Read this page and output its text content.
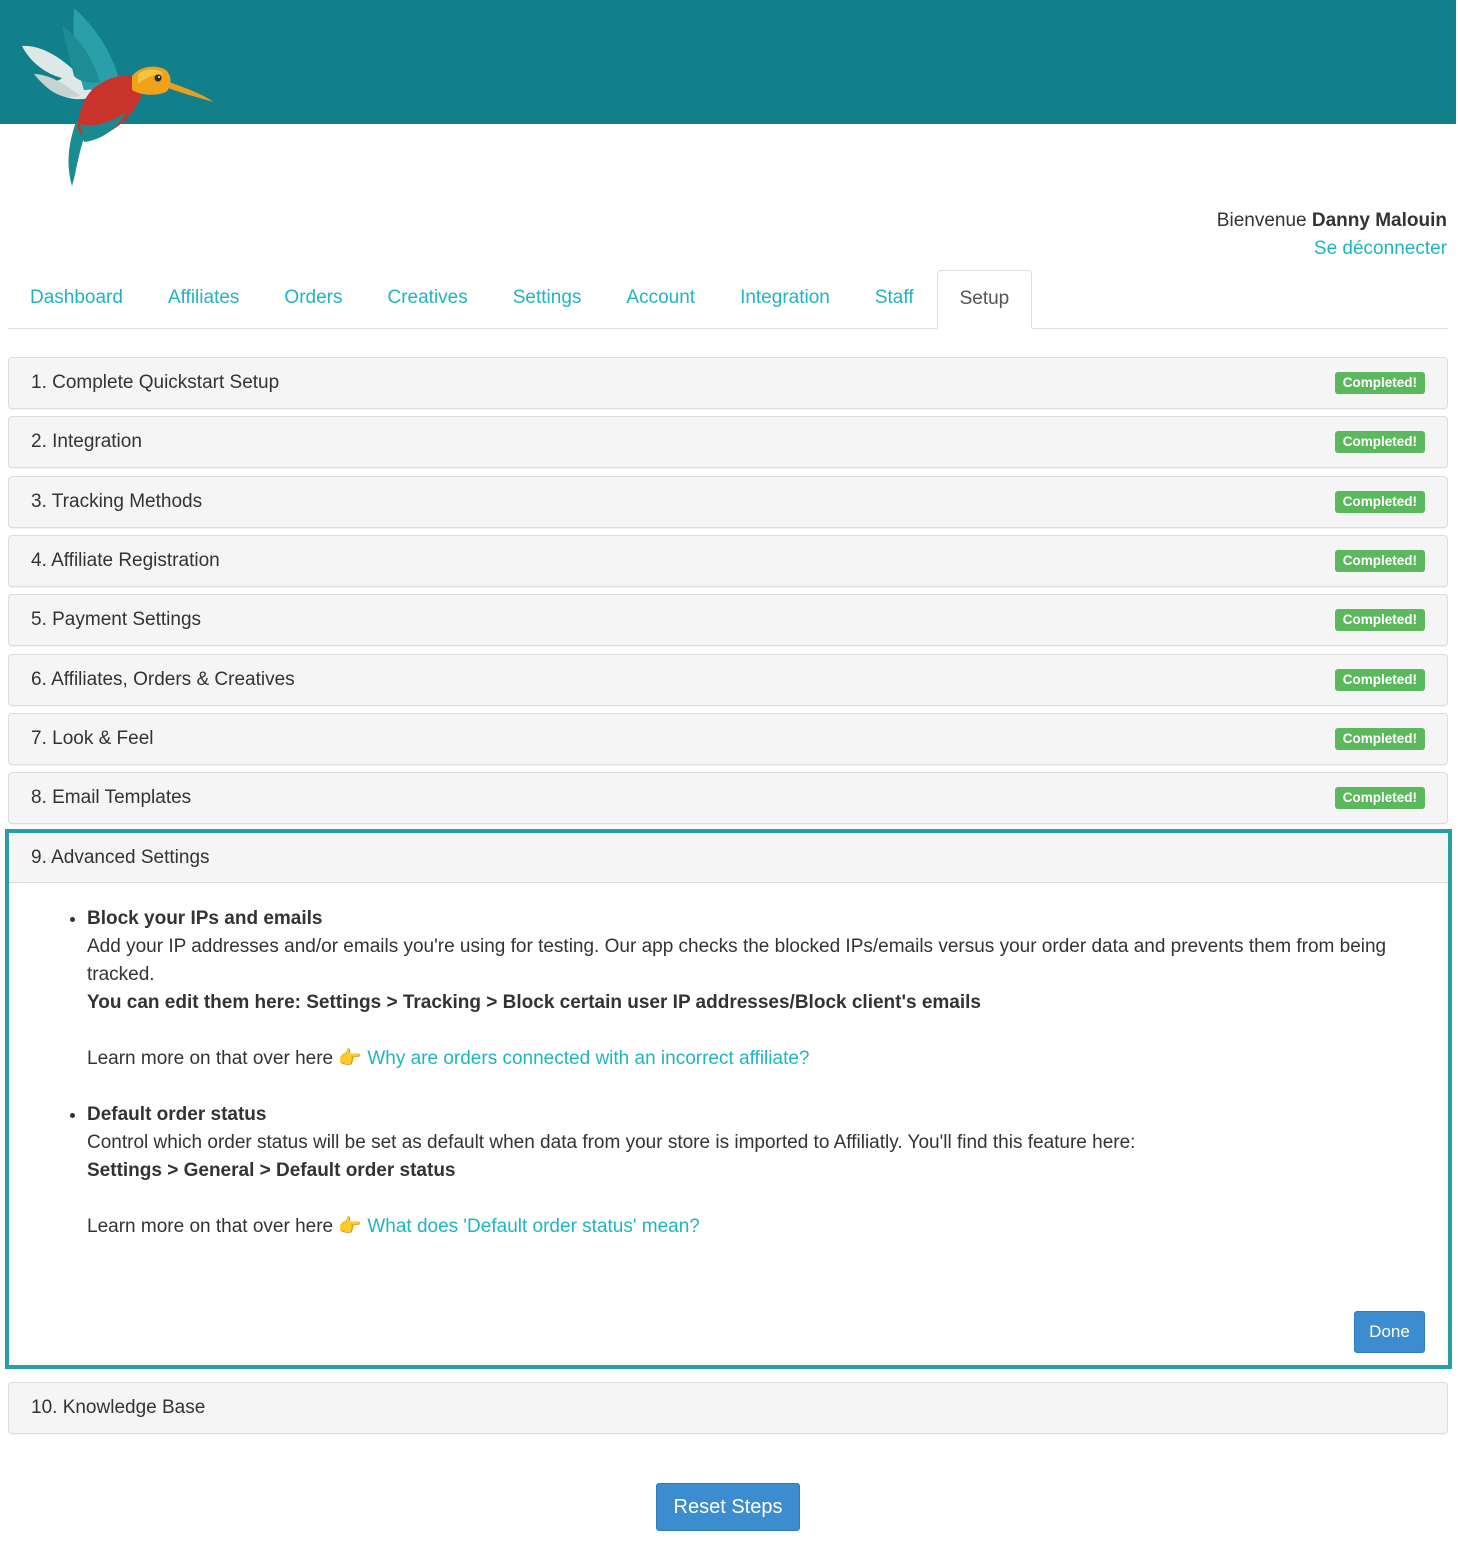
Bienvenue Danny Malouin
Se déconnecter
Dashboard	Affiliates	Orders	Creatives	Settings	Account	Integration	Staff	Setup
1. Complete Quickstart Setup	Completed!
2. Integration	Completed!
3. Tracking Methods	Completed!
4. Affiliate Registration	Completed!
5. Payment Settings	Completed!
6. Affiliates, Orders & Creatives	Completed!
7. Look & Feel	Completed!
8. Email Templates	Completed!
9. Advanced Settings
• Block your IPs and emails
Add your IP addresses and/or emails you're using for testing. Our app checks the blocked IPs/emails versus your order data and prevents them from being tracked.
You can edit them here: Settings > Tracking > Block certain user IP addresses/Block client's emails

Learn more on that over here 👉 Why are orders connected with an incorrect affiliate?
• Default order status
Control which order status will be set as default when data from your store is imported to Affiliatly. You'll find this feature here:
Settings > General > Default order status

Learn more on that over here 👉 What does 'Default order status' mean?
Done
10. Knowledge Base
Reset Steps
